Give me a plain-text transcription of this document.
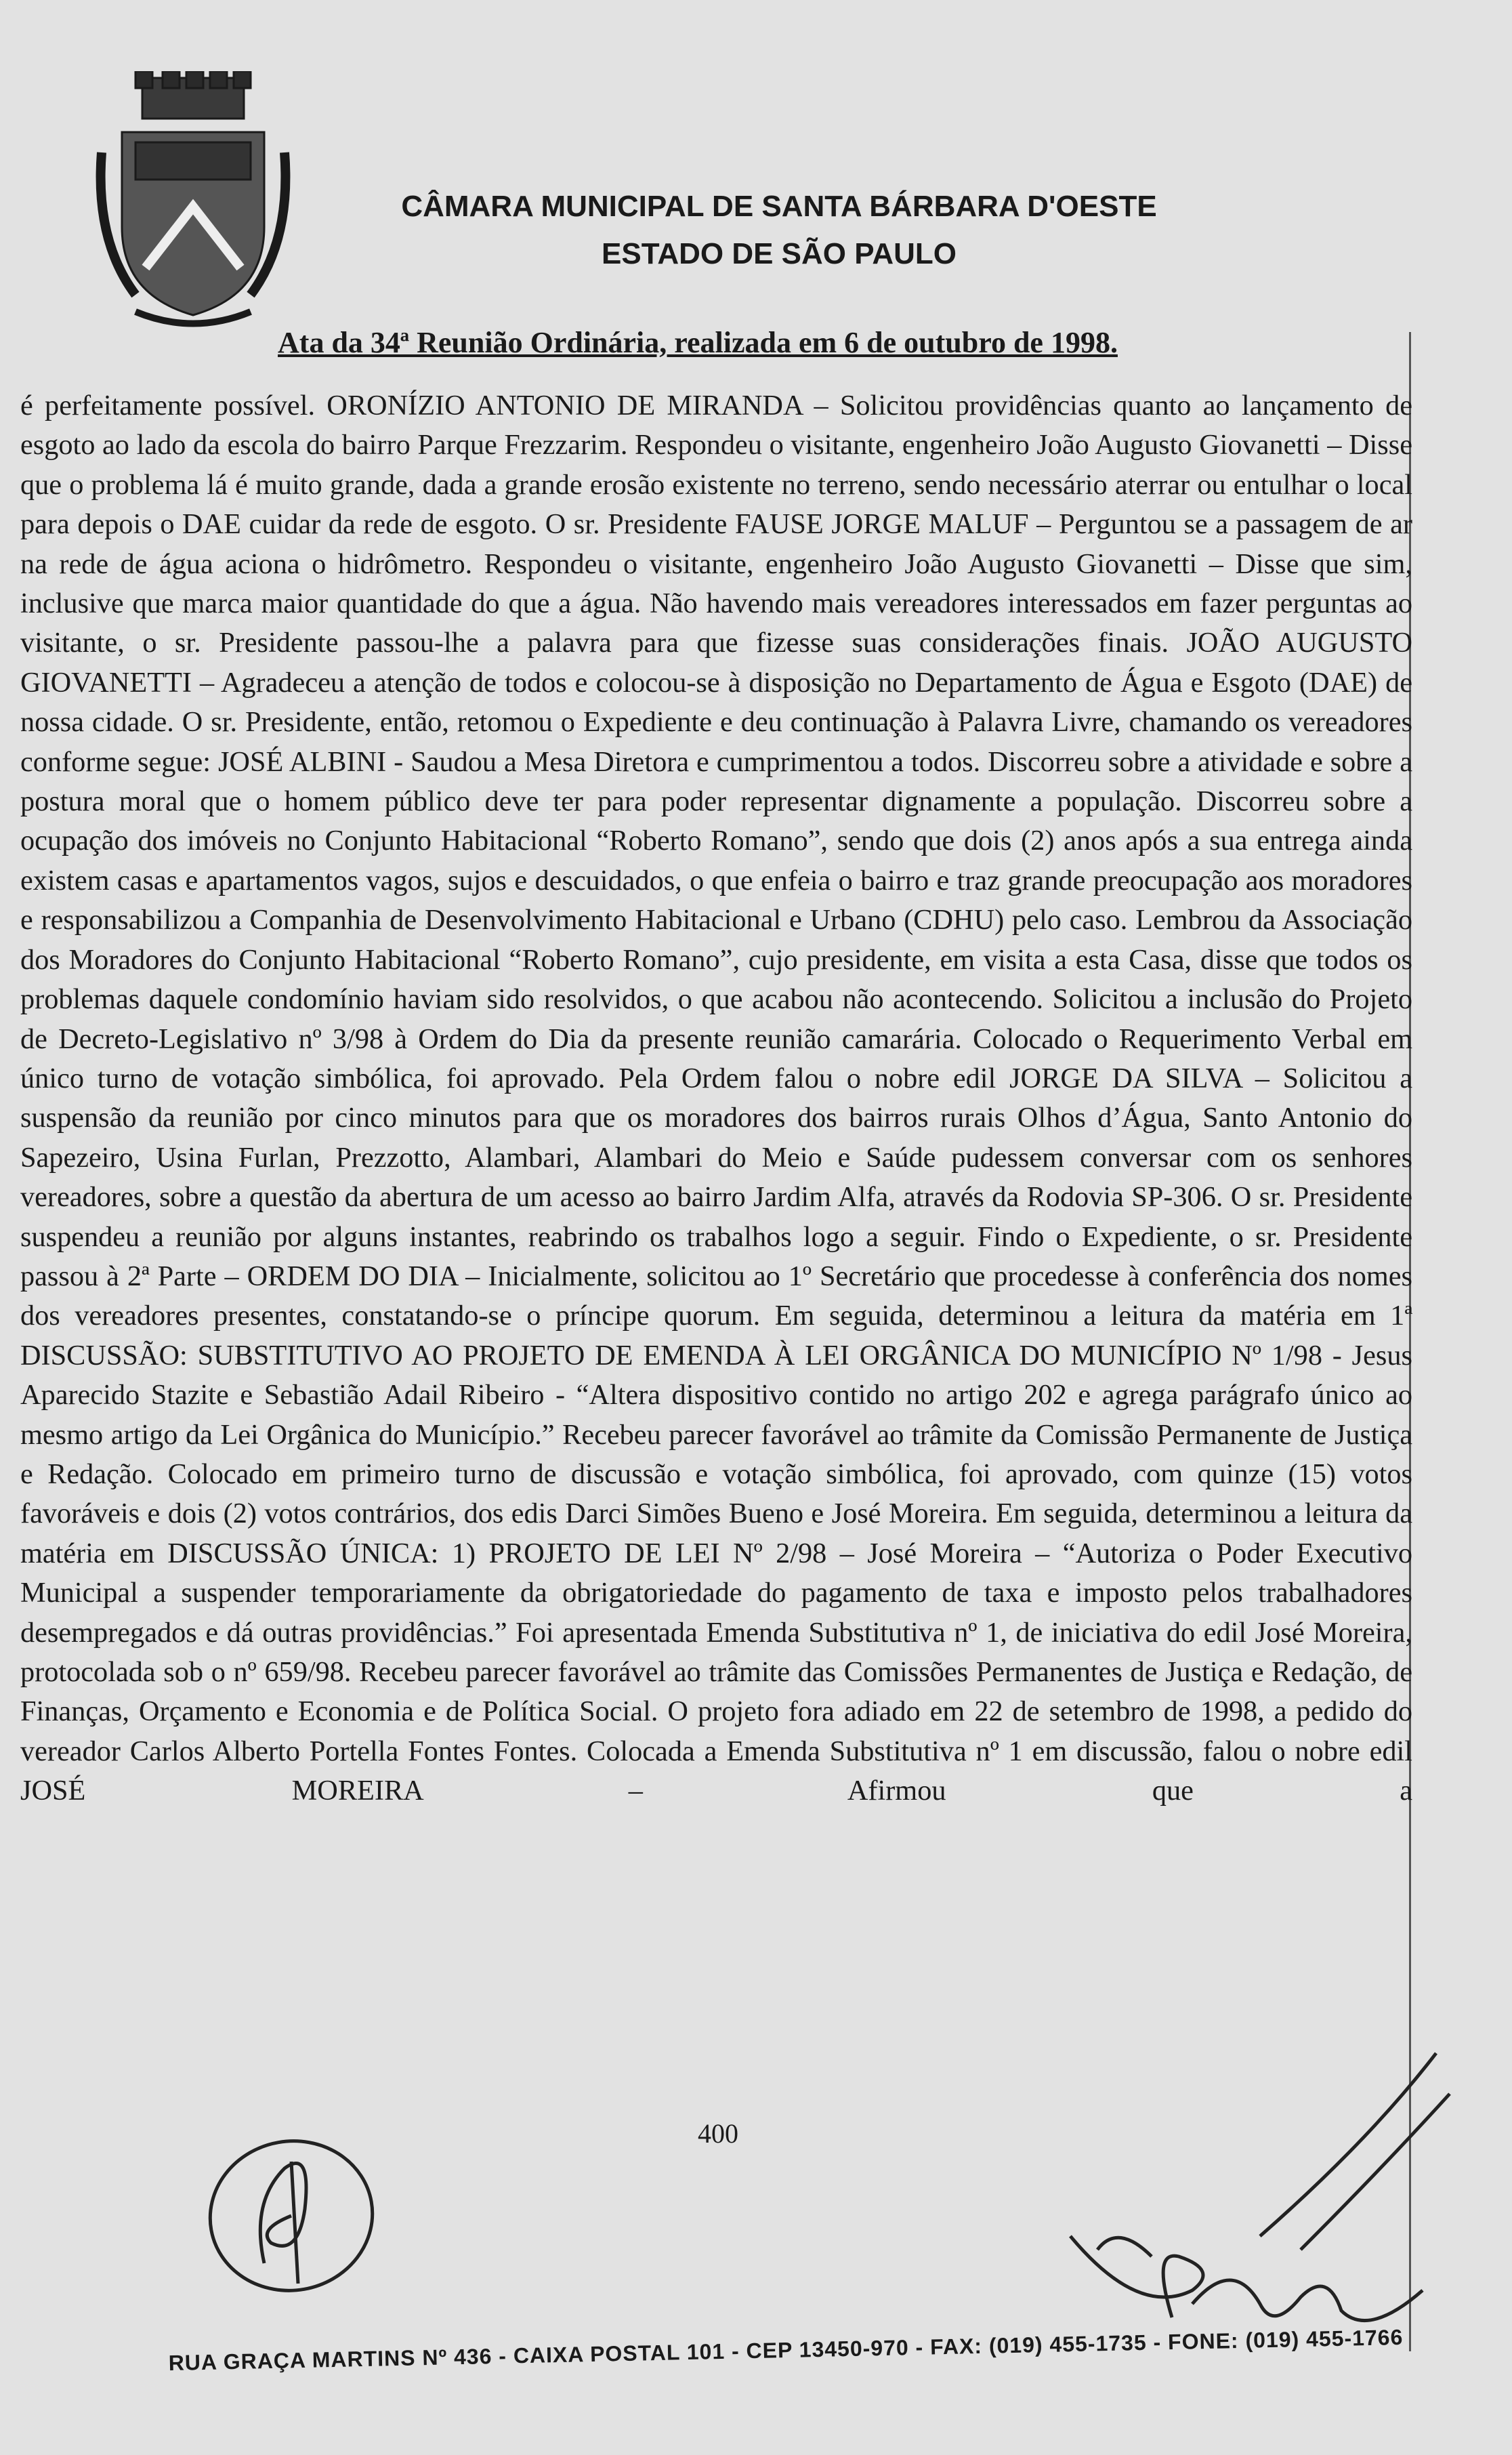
CÂMARA MUNICIPAL DE SANTA BÁRBARA D'OESTE
ESTADO DE SÃO PAULO
Ata da 34ª Reunião Ordinária, realizada em 6 de outubro de 1998.
é perfeitamente possível. ORONÍZIO ANTONIO DE MIRANDA – Solicitou providências quanto ao lançamento de esgoto ao lado da escola do bairro Parque Frezzarim. Respondeu o visitante, engenheiro João Augusto Giovanetti – Disse que o problema lá é muito grande, dada a grande erosão existente no terreno, sendo necessário aterrar ou entulhar o local para depois o DAE cuidar da rede de esgoto. O sr. Presidente FAUSE JORGE MALUF – Perguntou se a passagem de ar na rede de água aciona o hidrômetro. Respondeu o visitante, engenheiro João Augusto Giovanetti – Disse que sim, inclusive que marca maior quantidade do que a água. Não havendo mais vereadores interessados em fazer perguntas ao visitante, o sr. Presidente passou-lhe a palavra para que fizesse suas considerações finais. JOÃO AUGUSTO GIOVANETTI – Agradeceu a atenção de todos e colocou-se à disposição no Departamento de Água e Esgoto (DAE) de nossa cidade. O sr. Presidente, então, retomou o Expediente e deu continuação à Palavra Livre, chamando os vereadores conforme segue: JOSÉ ALBINI - Saudou a Mesa Diretora e cumprimentou a todos. Discorreu sobre a atividade e sobre a postura moral que o homem público deve ter para poder representar dignamente a população. Discorreu sobre a ocupação dos imóveis no Conjunto Habitacional “Roberto Romano”, sendo que dois (2) anos após a sua entrega ainda existem casas e apartamentos vagos, sujos e descuidados, o que enfeia o bairro e traz grande preocupação aos moradores e responsabilizou a Companhia de Desenvolvimento Habitacional e Urbano (CDHU) pelo caso. Lembrou da Associação dos Moradores do Conjunto Habitacional “Roberto Romano”, cujo presidente, em visita a esta Casa, disse que todos os problemas daquele condomínio haviam sido resolvidos, o que acabou não acontecendo. Solicitou a inclusão do Projeto de Decreto-Legislativo nº 3/98 à Ordem do Dia da presente reunião camarária. Colocado o Requerimento Verbal em único turno de votação simbólica, foi aprovado. Pela Ordem falou o nobre edil JORGE DA SILVA – Solicitou a suspensão da reunião por cinco minutos para que os moradores dos bairros rurais Olhos d’Água, Santo Antonio do Sapezeiro, Usina Furlan, Prezzotto, Alambari, Alambari do Meio e Saúde pudessem conversar com os senhores vereadores, sobre a questão da abertura de um acesso ao bairro Jardim Alfa, através da Rodovia SP-306. O sr. Presidente suspendeu a reunião por alguns instantes, reabrindo os trabalhos logo a seguir. Findo o Expediente, o sr. Presidente passou à 2ª Parte – ORDEM DO DIA – Inicialmente, solicitou ao 1º Secretário que procedesse à conferência dos nomes dos vereadores presentes, constatando-se o príncipe quorum. Em seguida, determinou a leitura da matéria em 1ª DISCUSSÃO: SUBSTITUTIVO AO PROJETO DE EMENDA À LEI ORGÂNICA DO MUNICÍPIO Nº 1/98 - Jesus Aparecido Stazite e Sebastião Adail Ribeiro - “Altera dispositivo contido no artigo 202 e agrega parágrafo único ao mesmo artigo da Lei Orgânica do Município.” Recebeu parecer favorável ao trâmite da Comissão Permanente de Justiça e Redação. Colocado em primeiro turno de discussão e votação simbólica, foi aprovado, com quinze (15) votos favoráveis e dois (2) votos contrários, dos edis Darci Simões Bueno e José Moreira. Em seguida, determinou a leitura da matéria em DISCUSSÃO ÚNICA: 1) PROJETO DE LEI Nº 2/98 – José Moreira – “Autoriza o Poder Executivo Municipal a suspender temporariamente da obrigatoriedade do pagamento de taxa e imposto pelos trabalhadores desempregados e dá outras providências.” Foi apresentada Emenda Substitutiva nº 1, de iniciativa do edil José Moreira, protocolada sob o nº 659/98. Recebeu parecer favorável ao trâmite das Comissões Permanentes de Justiça e Redação, de Finanças, Orçamento e Economia e de Política Social. O projeto fora adiado em 22 de setembro de 1998, a pedido do vereador Carlos Alberto Portella Fontes Fontes. Colocada a Emenda Substitutiva nº 1 em discussão, falou o nobre edil JOSÉ MOREIRA – Afirmou que a
400
RUA GRAÇA MARTINS Nº 436 - CAIXA POSTAL 101 - CEP 13450-970 - FAX: (019) 455-1735 - FONE: (019) 455-1766
